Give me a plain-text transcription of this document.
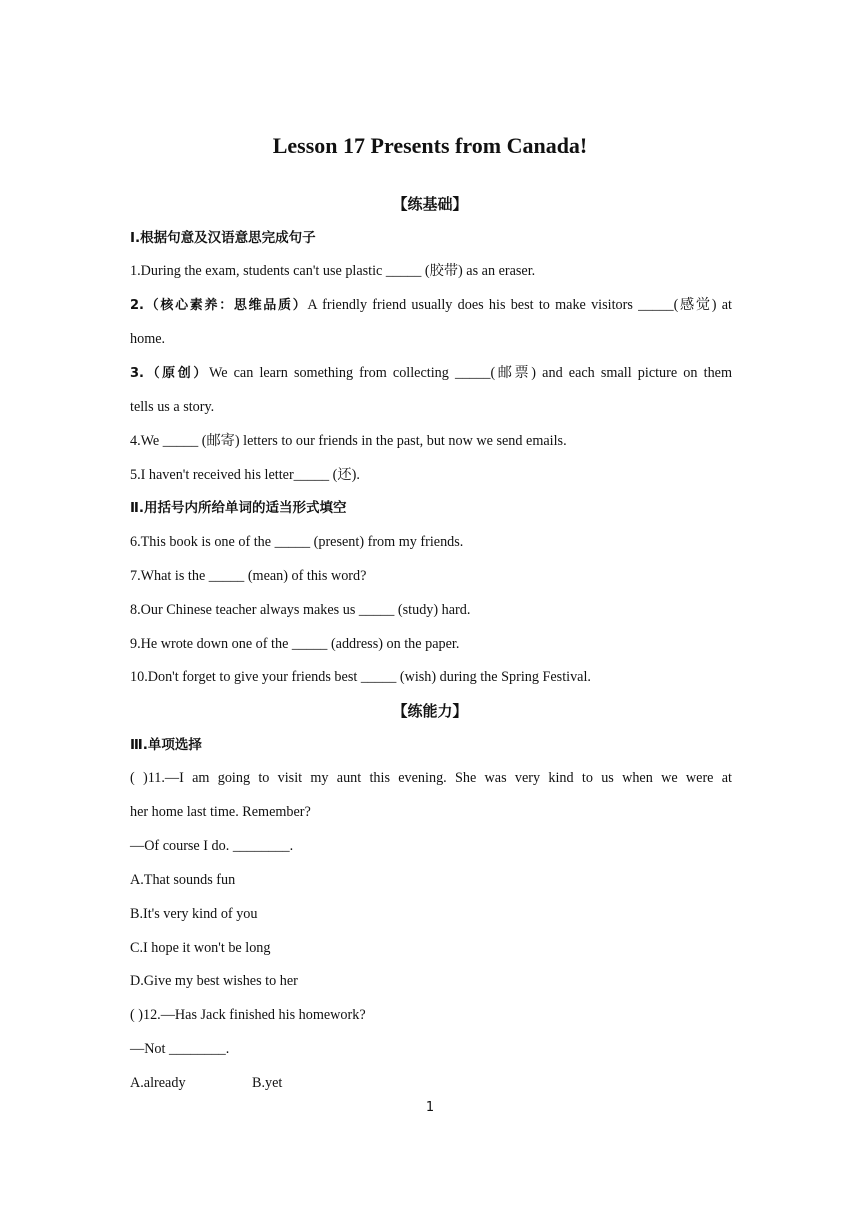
Lesson 17 Presents from Canada!
【练基础】
Ⅰ.根据句意及汉语意思完成句子
1.During the exam, students can't use plastic _____ (胶带) as an eraser.
2.（核心素养：思维品质）A friendly friend usually does his best to make visitors _____(感觉) at
home.
3.（原创）We can learn something from collecting _____(邮票) and each small picture on them
tells us a story.
4.We _____ (邮寄) letters to our friends in the past, but now we send emails.
5.I haven't received his letter_____ (还).
Ⅱ.用括号内所给单词的适当形式填空
6.This book is one of the _____ (present) from my friends.
7.What is the _____ (mean) of this word?
8.Our Chinese teacher always makes us _____ (study) hard.
9.He wrote down one of the _____ (address) on the paper.
10.Don't forget to give your friends best _____ (wish) during the Spring Festival.
【练能力】
Ⅲ.单项选择
( )11.—I am going to visit my aunt this evening. She was very kind to us when we were at
her home last time. Remember?
—Of course I do. ________.
A.That sounds fun
B.It's very kind of you
C.I hope it won't be long
D.Give my best wishes to her
( )12.—Has Jack finished his homework?
—Not ________.
A.already	B.yet
1
